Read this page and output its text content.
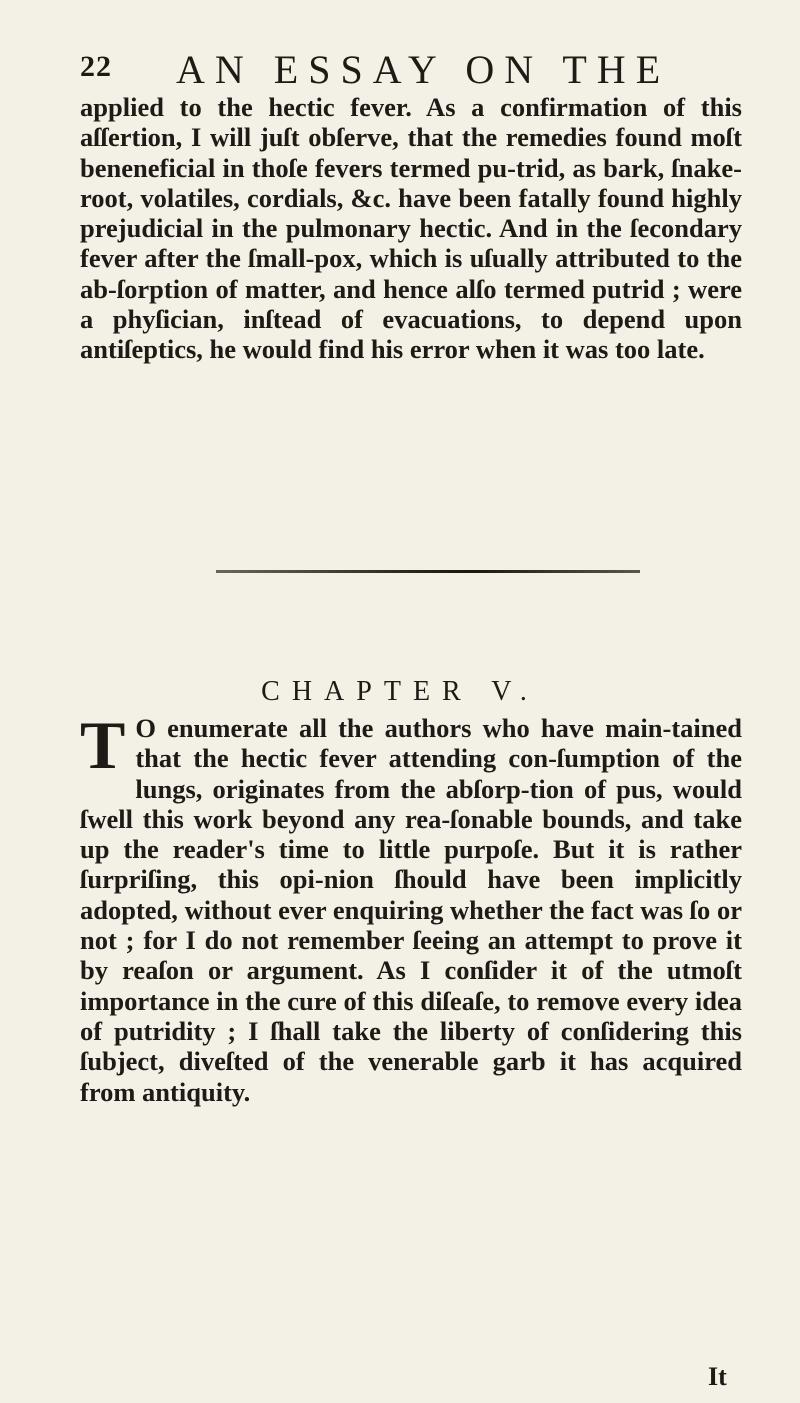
22 AN ESSAY ON THE

applied to the hectic fever. As a confirmation of this aſſertion, I will juſt obſerve, that the remedies found moſt beneneficial in thoſe fevers termed pu-trid, as bark, ſnake-root, volatiles, cordials, &c. have been fatally found highly prejudicial in the pulmonary hectic. And in the ſecondary fever after the ſmall-pox, which is uſually attributed to the ab-ſorption of matter, and hence alſo termed putrid ; were a phyſician, inſtead of evacuations, to depend upon antiſeptics, he would find his error when it was too late.

CHAPTER V.

T O enumerate all the authors who have main-tained that the hectic fever attending con-ſumption of the lungs, originates from the abſorp-tion of pus, would ſwell this work beyond any rea-ſonable bounds, and take up the reader's time to little purpoſe. But it is rather ſurpriſing, this opi-nion ſhould have been implicitly adopted, without ever enquiring whether the fact was ſo or not ; for I do not remember ſeeing an attempt to prove it by reaſon or argument. As I conſider it of the utmoſt importance in the cure of this diſeaſe, to remove every idea of putridity ; I ſhall take the liberty of conſidering this ſubject, diveſted of the venerable garb it has acquired from antiquity.

It
